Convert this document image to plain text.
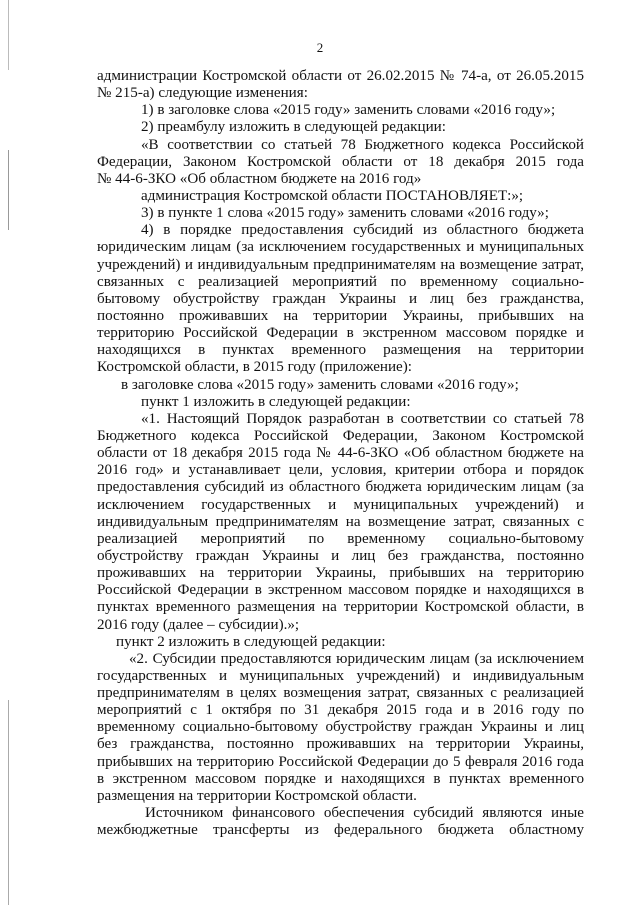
2
администрации Костромской области от 26.02.2015 № 74-а, от 26.05.2015
№ 215-а) следующие изменения:
1) в заголовке слова «2015 году» заменить словами «2016 году»;
2) преамбулу изложить в следующей редакции:
«В соответствии со статьей 78 Бюджетного кодекса Российской
Федерации, Законом Костромской области от 18 декабря 2015 года
№ 44-6-ЗКО «Об областном бюджете на 2016 год»
администрация Костромской области ПОСТАНОВЛЯЕТ:»;
3) в пункте 1 слова «2015 году» заменить словами «2016 году»;
4) в порядке предоставления субсидий из областного бюджета
юридическим лицам (за исключением государственных и муниципальных
учреждений) и индивидуальным предпринимателям на возмещение затрат,
связанных с реализацией мероприятий по временному социально-
бытовому обустройству граждан Украины и лиц без гражданства,
постоянно проживавших на территории Украины, прибывших на
территорию Российской Федерации в экстренном массовом порядке и
находящихся в пунктах временного размещения на территории
Костромской области, в 2015 году (приложение):
в заголовке слова «2015 году» заменить словами «2016 году»;
пункт 1 изложить в следующей редакции:
«1. Настоящий Порядок разработан в соответствии со статьей 78
Бюджетного кодекса Российской Федерации, Законом Костромской
области от 18 декабря 2015 года № 44-6-ЗКО «Об областном бюджете на
2016 год» и устанавливает цели, условия, критерии отбора и порядок
предоставления субсидий из областного бюджета юридическим лицам (за
исключением государственных и муниципальных учреждений) и
индивидуальным предпринимателям на возмещение затрат, связанных с
реализацией мероприятий по временному социально-бытовому
обустройству граждан Украины и лиц без гражданства, постоянно
проживавших на территории Украины, прибывших на территорию
Российской Федерации в экстренном массовом порядке и находящихся в
пунктах временного размещения на территории Костромской области, в
2016 году (далее – субсидии).»;
пункт 2 изложить в следующей редакции:
«2. Субсидии предоставляются юридическим лицам (за исключением
государственных и муниципальных учреждений) и индивидуальным
предпринимателям в целях возмещения затрат, связанных с реализацией
мероприятий с 1 октября по 31 декабря 2015 года и в 2016 году по
временному социально-бытовому обустройству граждан Украины и лиц
без гражданства, постоянно проживавших на территории Украины,
прибывших на территорию Российской Федерации до 5 февраля 2016 года
в экстренном массовом порядке и находящихся в пунктах временного
размещения на территории Костромской области.
Источником финансового обеспечения субсидий являются иные
межбюджетные трансферты из федерального бюджета областному
